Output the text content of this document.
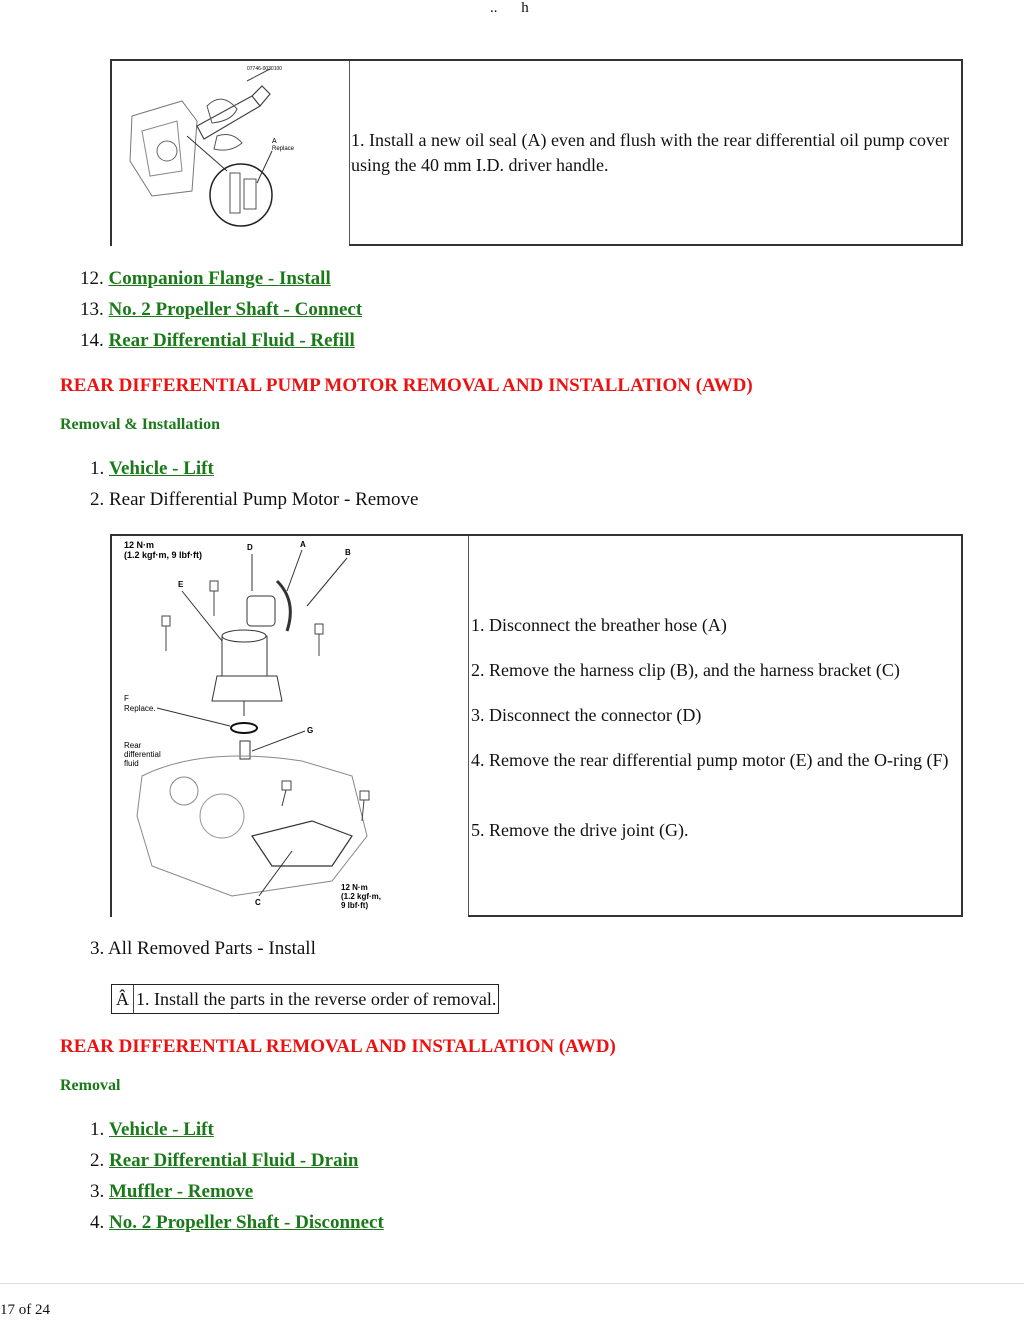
.. h
07746-0030100
A
Replace	1. Install a new oil seal (A) even and flush with the rear differential oil pump cover using the 40 mm I.D. driver handle.
12. Companion Flange - Install
13. No. 2 Propeller Shaft - Connect
14. Rear Differential Fluid - Refill
REAR DIFFERENTIAL PUMP MOTOR REMOVAL AND INSTALLATION (AWD)
Removal & Installation
1. Vehicle - Lift
2. Rear Differential Pump Motor - Remove
12 N·m
(1.2 kgf·m, 9 lbf·ft)
D	A
B
E
F
Replace.
G
Rear
differential
fluid
C
12 N·m
(1.2 kgf·m,
9 lbf·ft)
1. Disconnect the breather hose (A)
2. Remove the harness clip (B), and the harness bracket (C)
3. Disconnect the connector (D)
4. Remove the rear differential pump motor (E) and the O-ring (F)
5. Remove the drive joint (G).
3. All Removed Parts - Install
Â 1. Install the parts in the reverse order of removal.
REAR DIFFERENTIAL REMOVAL AND INSTALLATION (AWD)
Removal
1. Vehicle - Lift
2. Rear Differential Fluid - Drain
3. Muffler - Remove
4. No. 2 Propeller Shaft - Disconnect
17 of 24
